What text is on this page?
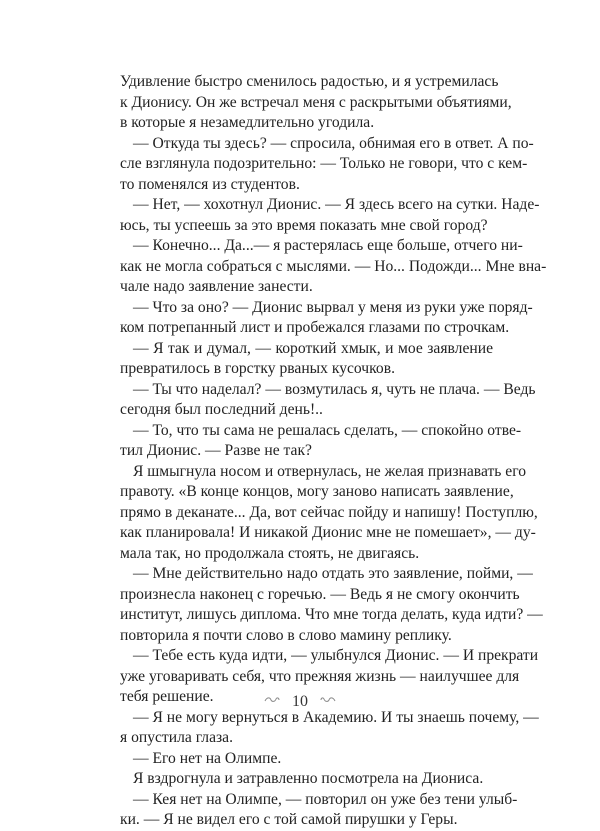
Удивление быстро сменилось радостью, и я устремилась
к Дионису. Он же встречал меня с раскрытыми объятиями,
в которые я незамедлительно угодила.
— Откуда ты здесь? — спросила, обнимая его в ответ. А по-
сле взглянула подозрительно: — Только не говори, что с кем-
то поменялся из студентов.
— Нет, — хохотнул Дионис. — Я здесь всего на сутки. Наде-
юсь, ты успеешь за это время показать мне свой город?
— Конечно... Да...— я растерялась еще больше, отчего ни-
как не могла собраться с мыслями. — Но... Подожди... Мне вна-
чале надо заявление занести.
— Что за оно? — Дионис вырвал у меня из руки уже поряд-
ком потрепанный лист и пробежался глазами по строчкам.
— Я так и думал, — короткий хмык, и мое заявление
превратилось в горстку рваных кусочков.
— Ты что наделал? — возмутилась я, чуть не плача. — Ведь
сегодня был последний день!..
— То, что ты сама не решалась сделать, — спокойно отве-
тил Дионис. — Разве не так?
Я шмыгнула носом и отвернулась, не желая признавать его
правоту. «В конце концов, могу заново написать заявление,
прямо в деканате... Да, вот сейчас пойду и напишу! Поступлю,
как планировала! И никакой Дионис мне не помешает», — ду-
мала так, но продолжала стоять, не двигаясь.
— Мне действительно надо отдать это заявление, пойми, —
произнесла наконец с горечью. — Ведь я не смогу окончить
институт, лишусь диплома. Что мне тогда делать, куда идти? —
повторила я почти слово в слово мамину реплику.
— Тебе есть куда идти, — улыбнулся Дионис. — И прекрати
уже уговаривать себя, что прежняя жизнь — наилучшее для
тебя решение.
— Я не могу вернуться в Академию. И ты знаешь почему, —
я опустила глаза.
— Его нет на Олимпе.
Я вздрогнула и затравленно посмотрела на Диониса.
— Кея нет на Олимпе, — повторил он уже без тени улыб-
ки. — Я не видел его с той самой пирушки у Геры.
10
